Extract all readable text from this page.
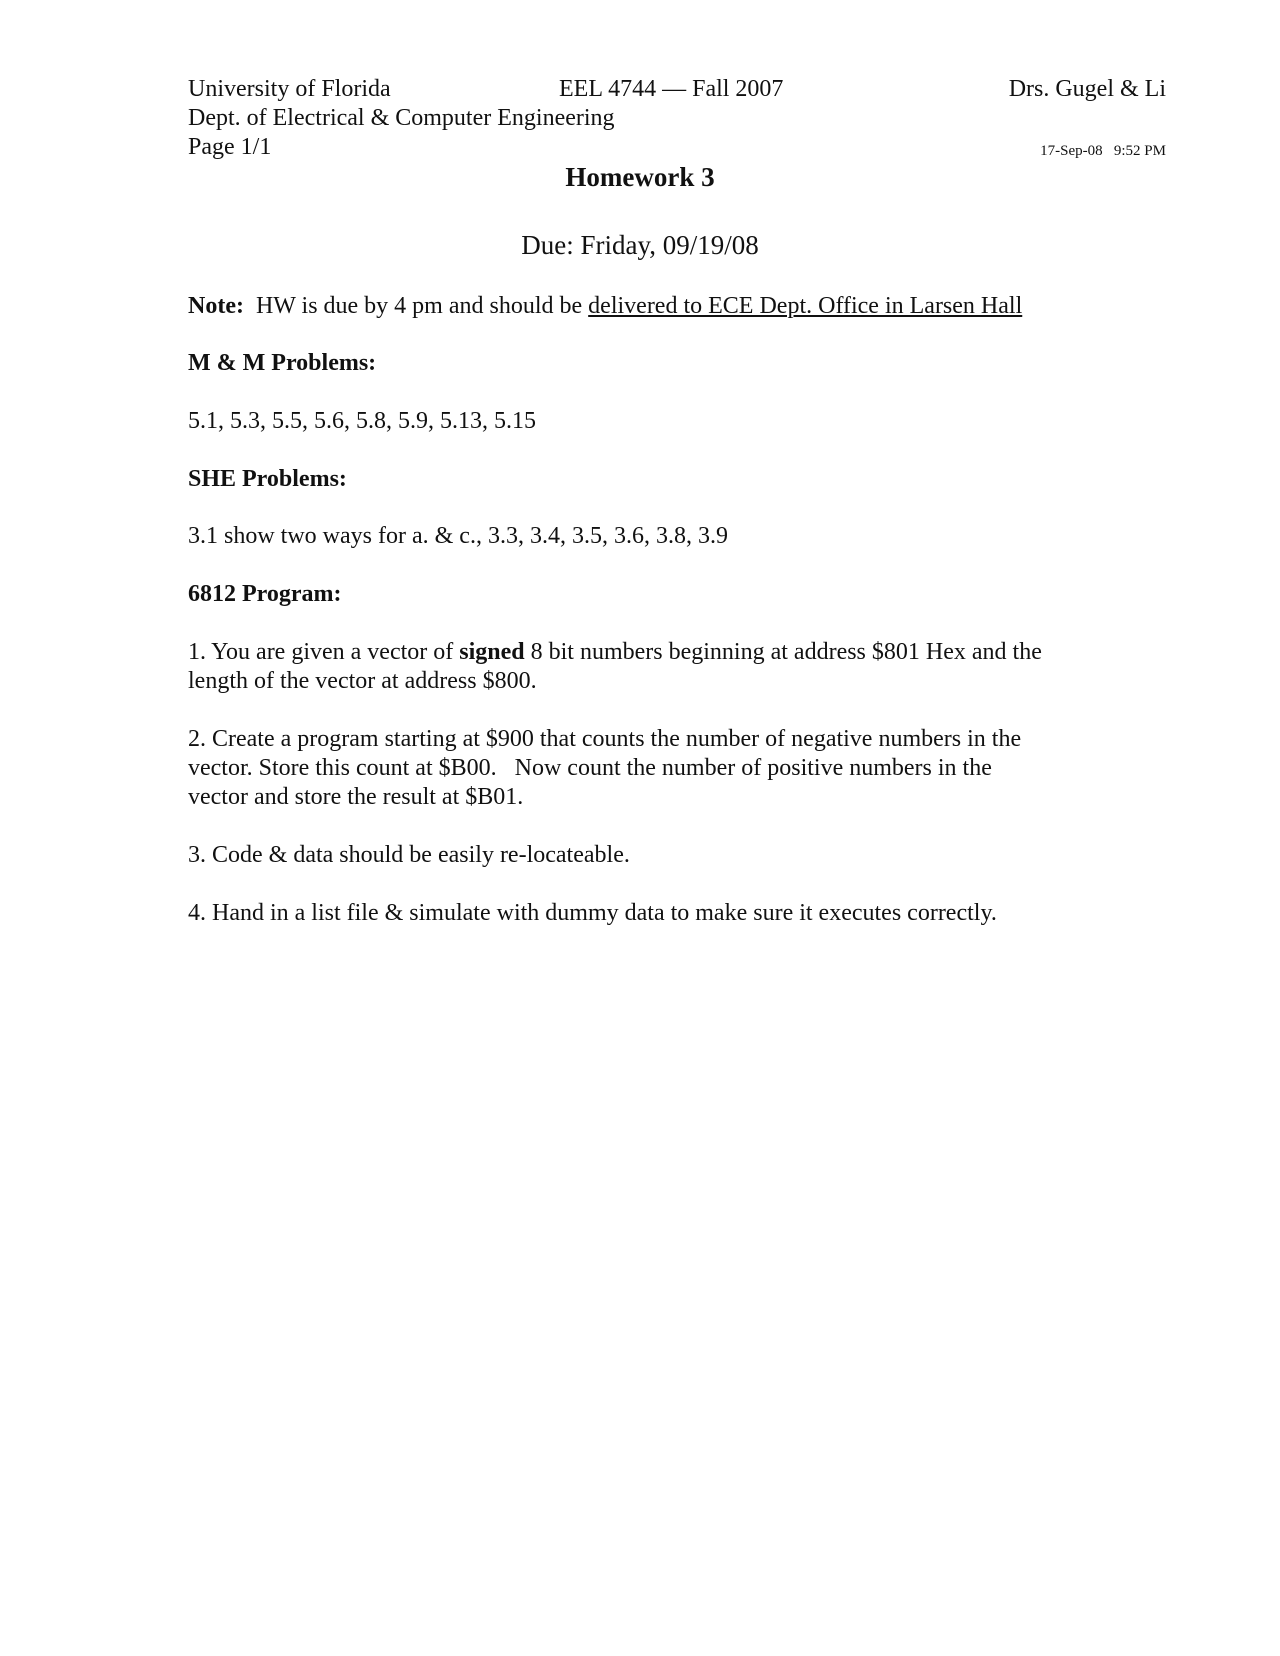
University of Florida	EEL 4744 — Fall 2007	Drs. Gugel & Li
Dept. of Electrical & Computer Engineering
Page 1/1	17-Sep-08 9:52 PM
Homework 3
Due: Friday, 09/19/08
Note: HW is due by 4 pm and should be delivered to ECE Dept. Office in Larsen Hall
M & M Problems:
5.1, 5.3, 5.5, 5.6, 5.8, 5.9, 5.13, 5.15
SHE Problems:
3.1 show two ways for a. & c., 3.3, 3.4, 3.5, 3.6, 3.8, 3.9
6812 Program:
1. You are given a vector of signed 8 bit numbers beginning at address $801 Hex and the
length of the vector at address $800.
2. Create a program starting at $900 that counts the number of negative numbers in the
vector. Store this count at $B00.   Now count the number of positive numbers in the
vector and store the result at $B01.
3. Code & data should be easily re-locateable.
4. Hand in a list file & simulate with dummy data to make sure it executes correctly.
